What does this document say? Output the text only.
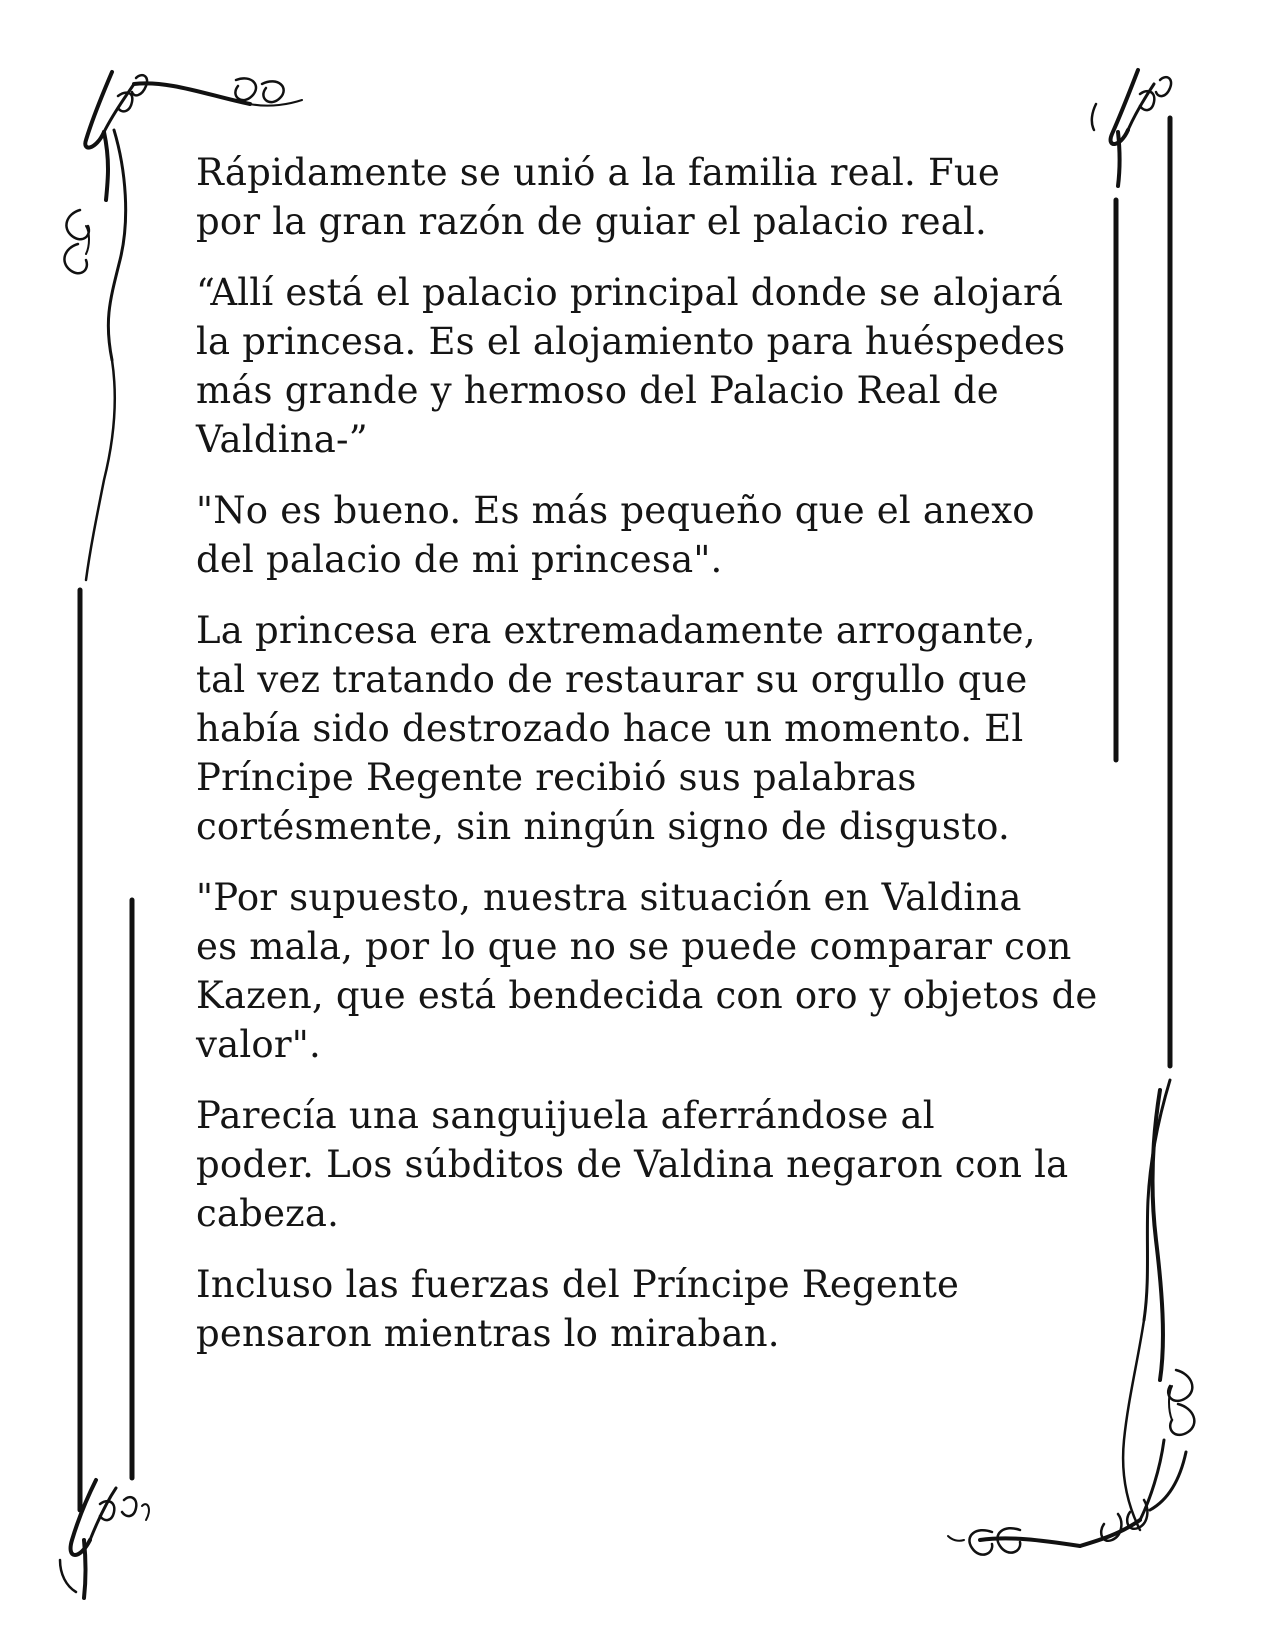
Rápidamente se unió a la familia real. Fue
por la gran razón de guiar el palacio real.

“Allí está el palacio principal donde se alojará
la princesa. Es el alojamiento para huéspedes
más grande y hermoso del Palacio Real de
Valdina-”

"No es bueno. Es más pequeño que el anexo
del palacio de mi princesa".

La princesa era extremadamente arrogante,
tal vez tratando de restaurar su orgullo que
había sido destrozado hace un momento. El
Príncipe Regente recibió sus palabras
cortésmente, sin ningún signo de disgusto.

"Por supuesto, nuestra situación en Valdina
es mala, por lo que no se puede comparar con
Kazen, que está bendecida con oro y objetos de
valor".

Parecía una sanguijuela aferrándose al
poder. Los súbditos de Valdina negaron con la
cabeza.

Incluso las fuerzas del Príncipe Regente
pensaron mientras lo miraban.
